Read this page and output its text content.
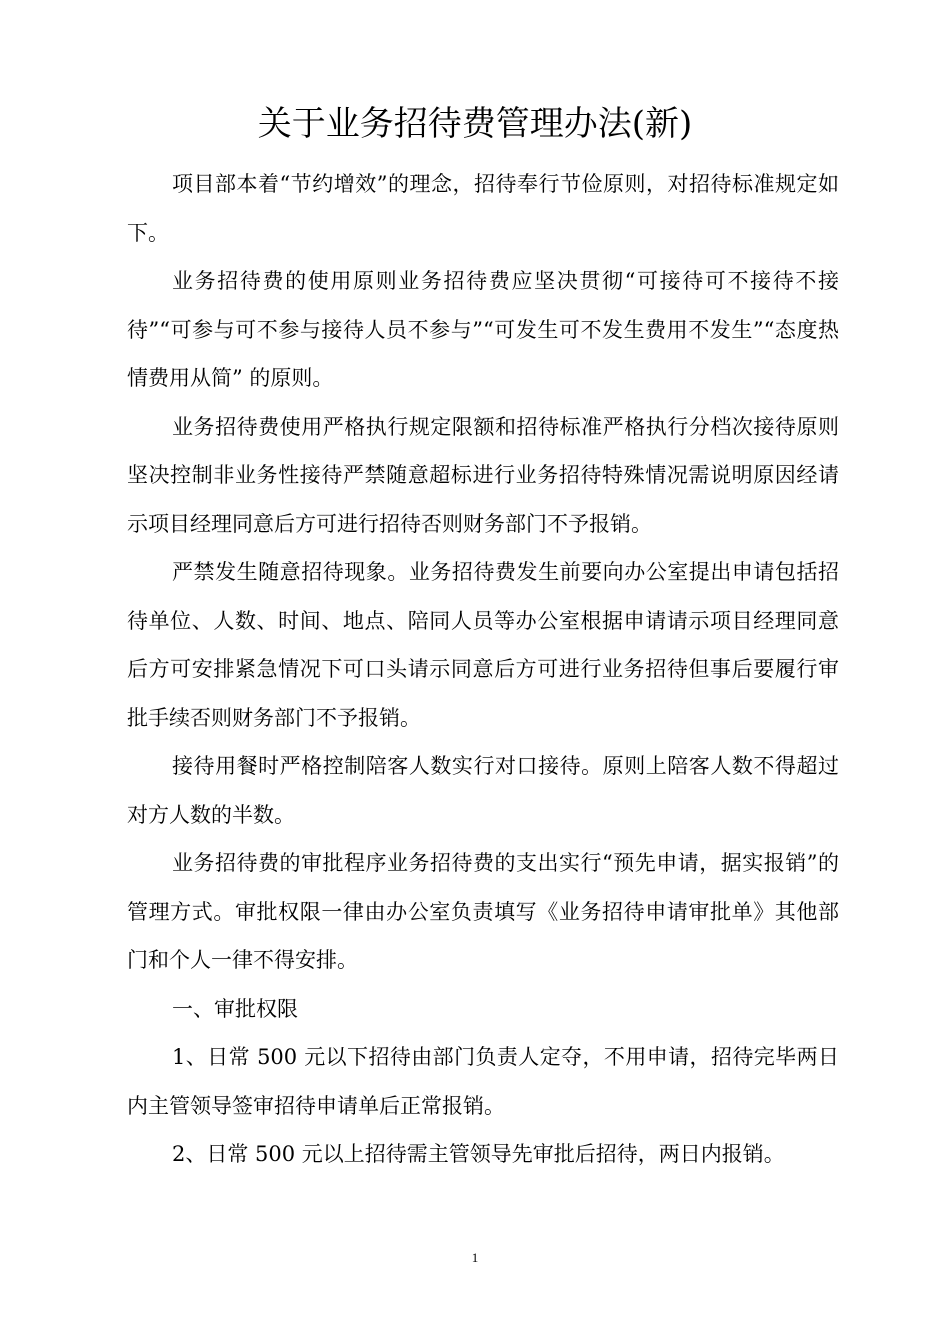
关于业务招待费管理办法(新)

项目部本着“节约增效”的理念，招待奉行节俭原则，对招待标准规定如下。

业务招待费的使用原则业务招待费应坚决贯彻“可接待可不接待不接待”“可参与可不参与接待人员不参与”“可发生可不发生费用不发生”“态度热情费用从简” 的原则。

业务招待费使用严格执行规定限额和招待标准严格执行分档次接待原则坚决控制非业务性接待严禁随意超标进行业务招待特殊情况需说明原因经请示项目经理同意后方可进行招待否则财务部门不予报销。

严禁发生随意招待现象。业务招待费发生前要向办公室提出申请包括招待单位、人数、时间、地点、陪同人员等办公室根据申请请示项目经理同意后方可安排紧急情况下可口头请示同意后方可进行业务招待但事后要履行审批手续否则财务部门不予报销。

接待用餐时严格控制陪客人数实行对口接待。原则上陪客人数不得超过对方人数的半数。

业务招待费的审批程序业务招待费的支出实行“预先申请，据实报销”的管理方式。审批权限一律由办公室负责填写《业务招待申请审批单》其他部门和个人一律不得安排。

一、审批权限

1、日常 500 元以下招待由部门负责人定夺，不用申请，招待完毕两日内主管领导签审招待申请单后正常报销。

2、日常 500 元以上招待需主管领导先审批后招待，两日内报销。

1
